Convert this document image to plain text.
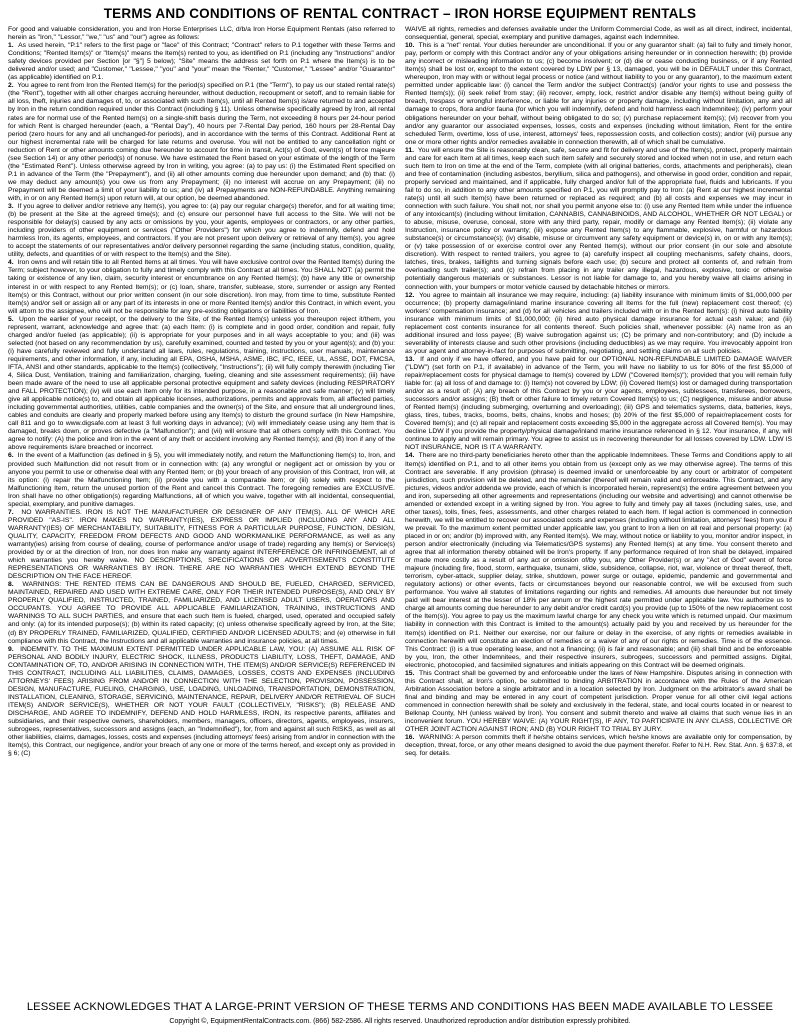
TERMS AND CONDITIONS OF RENTAL CONTRACT – IRON HORSE EQUIPMENT RENTALS

For good and valuable consideration, you and Iron Horse Enterprises LLC, d/b/a Iron Horse Equipment Rentals (also referred to herein as "Iron," "Lessor," "we," "us" and "our") agree as follows:

1. As used herein, "P.1" refers to the first page or "face" of this Contract; "Contract" refers to P.1 together with these Terms and Conditions; "Rented Item(s)" or "Item(s)" means the Item(s) rented to you, as identified on P.1 (including any "Instructions" and/or safety devices provided per Section [or "§"] 5 below); "Site" means the address set forth on P.1 where the Item(s) is to be delivered and/or used; and "Customer," "Lessee," "you" and "your" mean the "Renter," "Customer," "Lessee" and/or "Guarantor" (as applicable) identified on P.1.

2. You agree to rent from Iron the Rented Item(s) for the period(s) specified on P.1 (the "Term"), to pay us our stated rental rate(s) (the "Rent"), together with all other charges accruing hereunder, without deduction, recoupment or setoff, and to remain liable for all loss, theft, injuries and damages of, to, or associated with such Item(s), until all Rented Item(s) is/are returned to and accepted by Iron in the return condition required under this Contract (including § 11). Unless otherwise specifically agreed by Iron, all rental rates are for normal use of the Rented Item(s) on a single-shift basis during the Term, not exceeding 8 hours per 24-hour period for which Rent is charged hereunder (each, a "Rental Day"), 40 hours per 7-Rental Day period, 160 hours per 28-Rental Day period (zero hours for any and all unchanged-for periods), and in accordance with the terms of this Contract. Additional Rent at our highest incremental rate will be charged for late returns and overuse. You will not be entitled to any cancellation right or reduction of Rent or other amounts coming due hereunder to account for time in transit, Act(s) of God, event(s) of force majeure (see Section 14) or any other period(s) of nonuse. We have estimated the Rent based on your estimate of the length of the Term (the "Estimated Rent"). Unless otherwise agreed by Iron in writing, you agree: (a) to pay us: (i) the Estimated Rent specified on P.1 in advance of the Term (the "Prepayment"), and (ii) all other amounts coming due hereunder upon demand; and (b) that: (i) we may deduct any amount(s) you owe us from any Prepayment; (ii) no interest will accrue on any Prepayment; (iii) no Prepayment will be deemed a limit of your liability to us; and (iv) all Prepayments are NON-REFUNDABLE. Anything remaining with, in or on any Rented Item(s) upon return will, at our option, be deemed abandoned.

3. If you agree to deliver and/or retrieve any Item(s), you agree to: (a) pay our regular charge(s) therefor, and for all waiting time; (b) be present at the Site at the agreed time(s); and (c) ensure our personnel have full access to the Site. We will not be responsible for delay(s) caused by any acts or omissions by you, your agents, employees or contractors, or any other parties, including providers of other equipment or services ("Other Providers") for which you agree to indemnify, defend and hold harmless Iron, its agents, employees, and contractors. If you are not present upon delivery or retrieval of any Item(s), you agree to accept the statements of our representatives and/or delivery personnel regarding the same (including status, condition, quality, utility, defects, and quantities of or with respect to the Item(s) and the Site).

4. Iron owns and will retain title to all Rented Items at all times. You will have exclusive control over the Rented Item(s) during the Term; subject however, to your obligation to fully and timely comply with this Contract at all times. You SHALL NOT: (a) permit the taking or existence of any lien, claim, security interest or encumbrance on any Rented Item(s); (b) have any title or ownership interest in or with respect to any Rented Item(s); or (c) loan, share, transfer, sublease, store, surrender or assign any Rented Item(s) or this Contract, without our prior written consent (in our sole discretion). Iron may, from time to time, substitute Rented Item(s) and/or sell or assign all or any part of its interests in one or more Rented Item(s) and/or this Contract, in which event, you will attorn to the assignee, who will not be responsible for any pre-existing obligations or liabilities of Iron.

5. Upon the earlier of your receipt, or the delivery to the Site, of the Rented Item(s) unless you thereupon reject it/them, you represent, warrant, acknowledge and agree that: (a) each Item: (i) is complete and in good order, condition and repair, fully charged and/or fueled (as applicable); (ii) is appropriate for your purposes and in all ways acceptable to you; and (iii) was selected (not based on any recommendation by us), carefully examined, counted and tested by you or your agent(s); and (b) you: (i) have carefully reviewed and fully understand all laws, rules, regulations, training, instructions, user manuals, maintenance requirements, and other information, if any, including all EPA, OSHA, MSHA, ASME, IBC, IFC, IEEE, UL, ASSE, DOT, FMCSA, IFTA, ANSI and other standards, applicable to the Item(s) (collectively, "Instructions"); (ii) will fully comply therewith (including Tier 4, Silica Dust, Ventilation, training and familiarization, charging, fueling, cleaning and site assessment requirements); (iii) have been made aware of the need to use all applicable personal protective equipment and safety devices (including RESPIRATORY and FALL PROTECTION); (iv) will use each Item only for its intended purpose, in a reasonable and safe manner; (v) will timely give all applicable notice(s) to, and obtain all applicable licenses, authorizations, permits and approvals from, all affected parties, including governmental authorities, utilities, cable companies and the owner(s) of the Site, and ensure that all underground lines, cables and conduits are clearly and properly marked before using any Item(s) to disturb the ground surface (In New Hampshire, call 811 and go to www.digsafe.com at least 3 full working days in advance); (vi) will immediately cease using any Item that is damaged, breaks down, or proves defective (a "Malfunction"); and (vii) will ensure that all others comply with this Contract. You agree to notify: (A) the police and Iron in the event of any theft or accident involving any Rented Item(s); and (B) Iron if any of the above requirements is/are breached or incorrect.

6. In the event of a Malfunction (as defined in § 5), you will immediately notify, and return the Malfunctioning Item(s) to, Iron, and provided such Malfunction did not result from or in connection with: (a) any wrongful or negligent act or omission by you or anyone you permit to use or otherwise deal with any Rented Item; or (b) your breach of any provision of this Contract, Iron will, at its option: (i) repair the Malfunctioning Item; (ii) provide you with a comparable item; or (iii) solely with respect to the Malfunctioning Item, return the unused portion of the Rent and cancel this Contract. The foregoing remedies are EXCLUSIVE. Iron shall have no other obligation(s) regarding Malfunctions, all of which you waive, together with all incidental, consequential, special, exemplary, and punitive damages.

7. NO WARRANTIES. IRON IS NOT THE MANUFACTURER OR DESIGNER OF ANY ITEM(S). ALL OF WHICH ARE PROVIDED "AS-IS". IRON MAKES NO WARRANTY(IES), EXPRESS OR IMPLIED (INCLUDING ANY AND ALL WARRANTY(IES) OF MERCHANTABILITY, SUITABILITY, FITNESS FOR A PARTICULAR PURPOSE, FUNCTION, DESIGN, QUALITY, CAPACITY, FREEDOM FROM DEFECTS AND GOOD AND WORKMANLIKE PERFORMANCE, as well as any warranty(ies) arising from course of dealing, course of performance and/or usage of trade) regarding any Item(s) or Service(s) provided by or at the direction of Iron, nor does Iron make any warranty against INTERFERENCE OR INFRINGEMENT, all of which warranties you hereby waive. NO DESCRIPTIONS, SPECIFICATIONS OR ADVERTISEMENTS CONSTITUTE REPRESENTATIONS OR WARRANTIES BY IRON. THERE ARE NO WARRANTIES WHICH EXTEND BEYOND THE DESCRIPTION ON THE FACE HEREOF.

8. WARNINGS: THE RENTED ITEMS CAN BE DANGEROUS AND SHOULD BE, FUELED, CHARGED, SERVICED, MAINTAINED, REPAIRED AND USED WITH EXTREME CARE, ONLY FOR THEIR INTENDED PURPOSE(S), AND ONLY BY PROPERLY QUALIFIED, INSTRUCTED, TRAINED, FAMILIARIZED, AND LICENSED ADULT USERS, OPERATORS AND OCCUPANTS. YOU AGREE TO PROVIDE ALL APPLICABLE FAMILIARIZATION, TRAINING, INSTRUCTIONS AND WARNINGS TO ALL SUCH PARTIES, and ensure that each such Item is fueled, charged, used, operated and occupied safely and only: (a) for its intended purpose(s); (b) within its rated capacity; (c) unless otherwise specifically agreed by Iron, at the Site; (d) BY PROPERLY TRAINED, FAMILIARIZED, QUALIFIED, CERTIFIED AND/OR LICENSED ADULTS; and (e) otherwise in full compliance with this Contract, the Instructions and all applicable warranties and insurance policies, at all times.

9. INDEMNITY. TO THE MAXIMUM EXTENT PERMITTED UNDER APPLICABLE LAW, YOU: (A) ASSUME ALL RISK OF PERSONAL AND BODILY INJURY, ELECTRIC SHOCK, ILLNESS, PRODUCTS LIABILITY, LOSS, THEFT, DAMAGE, AND CONTAMINATION OF, TO, AND/OR ARISING IN CONNECTION WITH, THE ITEM(S) AND/OR SERVICE(S) REFERENCED IN THIS CONTRACT, INCLUDING ALL LIABILITIES, CLAIMS, DAMAGES, LOSSES, COSTS AND EXPENSES (INCLUDING ATTORNEYS' FEES) ARISING FROM AND/OR IN CONNECTION WITH THE SELECTION, PROVISION, POSSESSION, DESIGN, MANUFACTURE, FUELING, CHARGING, USE, LOADING, UNLOADING, TRANSPORTATION, DEMONSTRATION, INSTALLATION, CLEANING, STORAGE, SERVICING, MAINTENANCE, REPAIR, DELIVERY AND/OR RETRIEVAL OF SUCH ITEM(S) AND/OR SERVICE(S), WHETHER OR NOT YOUR FAULT (COLLECTIVELY, "RISKS"); (B) RELEASE AND DISCHARGE, AND AGREE TO INDEMNIFY, DEFEND AND HOLD HARMLESS, IRON, its respective parents, affiliates and subsidiaries, and their respective owners, shareholders, members, managers, officers, directors, agents, employees, insurers, subrogees, representatives, successors and assigns (each, an "Indemnified"), for, from and against all such RISKS, as well as all other liabilities, claims, damages, losses, costs and expenses (including attorneys' fees) arising from and/or in connection with the Item(s), this Contract, our negligence, and/or your breach of any one or more of the terms hereof, and except only as provided in § 6; (C)

WAIVE all rights, remedies and defenses available under the Uniform Commercial Code, as well as all direct, indirect, incidental, consequential, general, special, exemplary and punitive damages, against each Indemnitee.

10. This is a "net" rental. Your duties hereunder are unconditional. If you or any guarantor shall: (a) fail to fully and timely honor, pay, perform or comply with this Contract and/or any of your obligations arising hereunder or in connection herewith; (b) provide any incorrect or misleading information to us; (c) become insolvent; or (d) die or cease conducting business, or if any Rented Item(s) shall be lost or, except to the extent covered by LDW per § 13, damaged, you will be in DEFAULT under this Contract, whereupon, Iron may with or without legal process or notice (and without liability to you or any guarantor), to the maximum extent permitted under applicable law: (i) cancel the Term and/or the subject Contract(s) (and/or your rights to use and possess the Rented Item(s)); (ii) seek relief from stay; (iii) recover, empty, lock, restrict and/or disable any Item(s) without being guilty of breach, trespass or wrongful interference, or liable for any injuries or property damage, including without limitation, any and all damage to crops, flora and/or fauna (for which you will indemnify, defend and hold harmless each Indemnitee); (iv) perform your obligations hereunder on your behalf, without being obligated to do so; (v) purchase replacement item(s); (vi) recover from you and/or any guarantor our associated expenses, losses, costs and expenses (including without limitation, Rent for the entire scheduled Term, overtime, loss of use, interest, attorneys' fees, repossession costs, and collection costs); and/or (vii) pursue any one or more other rights and/or remedies available in connection therewith, all of which shall be cumulative.

11. You will ensure the Site is reasonably clean, safe, secure and fit for delivery and use of the Item(s), protect, properly maintain and care for each Item at all times, keep each such item safely and securely stored and locked when not in use, and return each such Item to Iron on time at the end of the Term, complete (with all original batteries, cords, attachments and peripherals), clean and free of contamination (including asbestos, beryllium, silica and pathogens), and otherwise in good order, condition and repair, properly serviced and maintained, and if applicable, fully charged and/or full of the appropriate fuel, fluids and lubricants. If you fail to do so, in addition to any other amounts specified on P.1, you will promptly pay to Iron: (a) Rent at our highest incremental rate(s) until all such Item(s) have been returned or replaced as required; and (b) all costs and expenses we may incur in connection with such failure. You shall not, nor shall you permit anyone else to: (i) use any Rented Item while under the influence of any intoxicant(s) (including without limitation, CANNABIS, CANNABINOIDS, AND ALCOHOL, WHETHER OR NOT LEGAL) or to abuse, misuse, overuse, conceal, store with any third party, repair, modify or damage any Rented Item(s); (ii) violate any Instruction, insurance policy or warranty; (iii) expose any Rented Item(s) to any flammable, explosive, harmful or hazardous substance(s) or circumstance(s); (iv) disable, misuse or circumvent any safety equipment or device(s) in, on or with any Item(s); or (v) take possession of or exercise control over any Rented Item(s), without our prior consent (in our sole and absolute discretion). With respect to rented trailers, you agree to (a) carefully inspect all coupling mechanisms, safety chains, doors, latches, tires, brakes, taillights and turning signals before each use; (b) secure and protect all contents of, and refrain from overloading such trailer(s); and (c) refrain from placing in any trailer any illegal, hazardous, explosive, toxic or otherwise potentially dangerous materials or substances. Lessor is not liable for damage to, and you hereby waive all claims arising in connection with, your bumpers or motor vehicle caused by detachable hitches or mirrors.

12. You agree to maintain all insurance we may require, including: (a) liability insurance with minimum limits of $1,000,000 per occurrence; (b) property damage/inland marine insurance covering all Items for the full (new) replacement cost thereof; (c) workers' compensation insurance; and (d) for all vehicles and trailers included with or in the Rented Item(s): (i) hired auto liability insurance with minimum limits of $1,000,000; (ii) hired auto physical damage insurance for actual cash value; and (iii) replacement cost contents insurance for all contents thereof. Such policies shall, whenever possible: (A) name Iron as an additional insured and loss payee; (B) waive subrogation against us; (C) be primary and non-contributory; and (D) include a severability of interests clause and such other provisions (including deductibles) as we may require. You irrevocably appoint Iron as your agent and attorney-in-fact for purposes of submitting, negotiating, and settling claims on all such policies.

13. If and only if we have offered, and you have paid for our OPTIONAL NON-REFUNDABLE LIMITED DAMAGE WAIVER ("LDW") (set forth on P.1, if available) in advance of the Term, you will have no liability to us for 80% of the first $5,000 of repair/replacement costs for physical damage to Item(s) covered by LDW ("Covered Item(s)"); provided that you will remain fully liable for: (a) all loss of and damage to: (i) Item(s) not covered by LDW; (ii) Covered Item(s) lost or damaged during transportation and/or as a result of: (A) any breach of this Contract by you or your agents, employees, sublessees, transferees, borrowers, successors and/or assigns; (B) theft or other failure to timely return Covered Item(s) to us; (C) negligence, misuse and/or abuse of Rented Item(s) (including submerging, overturning and overloading); (iii) GPS and telematics systems, data, batteries, keys, glass, tires, tubes, tracks, booms, belts, chains, knobs and hoses; (b) 20% of the first $5,000 of repair/replacement costs for Covered Item(s); and (c) all repair and replacement costs exceeding $5,000 in the aggregate across all Covered Item(s). You may decline LDW if you provide the property/physical damage/inland marine insurance referenced in § 12. Your insurance, if any, will continue to apply and will remain primary. You agree to assist us in recovering thereunder for all losses covered by LDW. LDW IS NOT INSURANCE, NOR IS IT A WARRANTY.

14. There are no third-party beneficiaries hereto other than the applicable Indemnitees. These Terms and Conditions apply to all Item(s) identified on P.1, and to all other items you obtain from us (except only as we may otherwise agree). The terms of this Contract are severable. If any provision (phrase) is deemed invalid or unenforceable by any court or arbitrator of competent jurisdiction, such provision will be deleted, and the remainder (thereof will remain valid and enforceable. This Contract, and any pictures, videos and/or addenda we provide, each of which is incorporated herein, represent(s) the entire agreement between you and iron, superseding all other agreements and representations (including our website and advertising) and cannot otherwise be amended or extended except in a writing signed by Iron. You agree to fully and timely pay all taxes (including sales, use, and other taxes), tolls, fines, fees, assessments, and other charges related to each Item. If legal action is commenced in connection herewith, we will be entitled to recover our associated costs and expenses (including without limitation, attorneys' fees) from you if we prevail. To the maximum extent permitted under applicable law, you grant to Iron a lien on all real and personal property: (a) placed in or on; and/or (b) improved with, any Rented Item(s). We may, without notice or liability to you, monitor and/or inspect, in person and/or electronically (including via Telematics/GPS systems) any Rented Item(s) at any time. You consent thereto and agree that all information thereby obtained will be Iron's property. If any performance required of Iron shall be delayed, impaired or made more costly as a result of any act or omission of/by you, any Other Provider(s) or any "Act of God" event of force majeure (including fire, flood, storm, earthquake, tsunami, slide, subsidence, collapse, riot, war, violence or threat thereof, theft, terrorism, cyber-attack, supplier delay, strike, shutdown, power surge or outage, epidemic, pandemic and governmental and regulatory actions) or other events, facts or circumstances beyond our reasonable control, we will be excused from such performance. You waive all statutes of limitations regarding our rights and remedies. All amounts due hereunder but not timely paid will bear interest at the lesser of 18% per annum or the highest rate permitted under applicable law. You authorize us to charge all amounts coming due hereunder to any debit and/or credit card(s) you provide (up to 150% of the new replacement cost of the Item(s)). You agree to pay us the maximum lawful charge for any check you write which is returned unpaid. Our maximum liability in connection with this Contract is limited to the amount(s) actually paid by you and received by us hereunder for the Item(s) identified on P.1. Neither our exercise, nor our failure or delay in the exercise, of any rights or remedies available in connection herewith will constitute an election of remedies or a waiver of any of our rights or remedies. Time is of the essence. This Contract: (i) is a true operating lease, and not a financing; (ii) is fair and reasonable; and (iii) shall bind and be enforceable by you, Iron, the other Indemnitees, and their respective insurers, subrogees, successors and permitted assigns. Digital, electronic, photocopied, and facsimiled signatures and initials appearing on this Contract will be deemed originals.

15. This Contract shall be governed by and enforceable under the laws of New Hampshire. Disputes arising in connection with this Contract shall, at Iron's option, be submitted to binding ARBITRATION in accordance with the Rules of the American Arbitration Association before a single arbitrator and in a location selected by Iron. Judgment on the arbitrator's award shall be final and binding and may be entered in any court of competent jurisdiction. Proper venue for all other civil legal actions commenced in connection herewith shall be solely and exclusively in the federal, state, and local courts located in or nearest to Belknap County, NH (unless waived by Iron). You consent and submit thereto and waive all claims that such venue lies in an inconvenient forum. YOU HEREBY WAIVE: (A) YOUR RIGHT(S), IF ANY, TO PARTICIPATE IN ANY CLASS, COLLECTIVE OR OTHER JOINT ACTION AGAINST IRON; AND (B) YOUR RIGHT TO TRIAL BY JURY.

16. WARNING: A person commits theft if he/she obtains services, which he/she knows are available only for compensation, by deception, threat, force, or any other means designed to avoid the due payment therefor. Refer to N.H. Rev. Stat. Ann. § 637:8, et seq. for details.

LESSEE ACKNOWLEDGES THAT A LARGE-PRINT VERSION OF THESE TERMS AND CONDITIONS HAS BEEN MADE AVAILABLE TO LESSEE
Copyright ©, EquipmentRentalContracts.com. (866) 582-2586. All rights reserved. Unauthorized reproduction and/or distribution expressly prohibited.
